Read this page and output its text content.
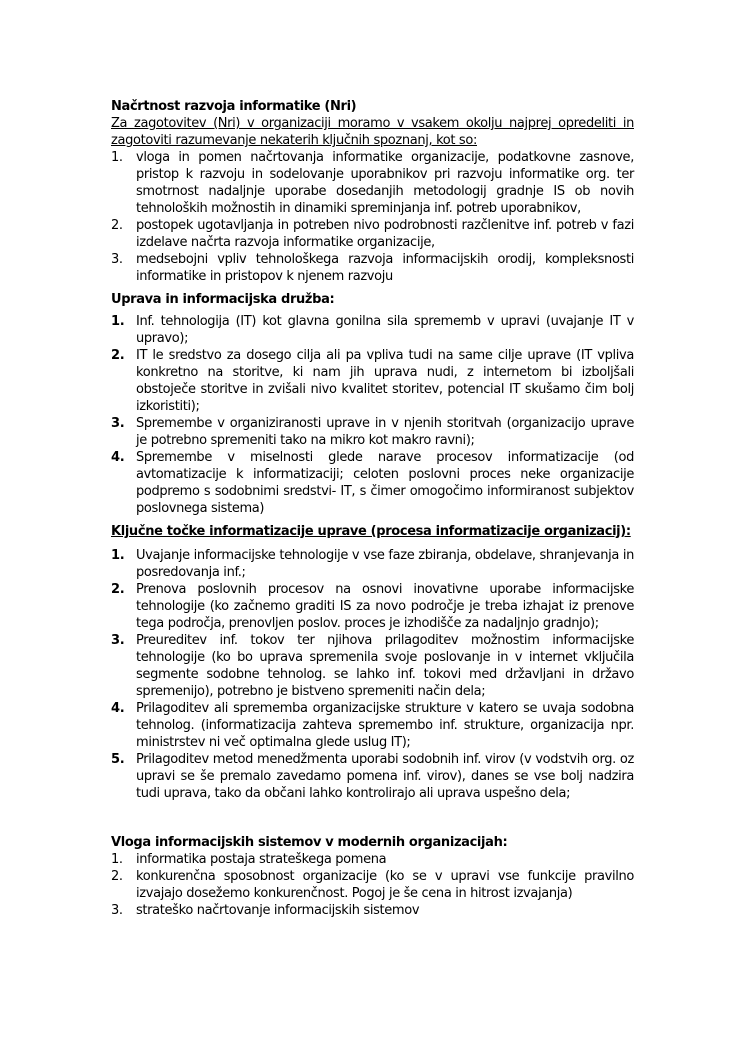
Načrtnost razvoja informatike (Nri)

Za zagotovitev (Nri) v organizaciji moramo v vsakem okolju najprej opredeliti in zagotoviti razumevanje nekaterih ključnih spoznanj, kot so:

1. vloga in pomen načrtovanja informatike organizacije, podatkovne zasnove, pristop k razvoju in sodelovanje uporabnikov pri razvoju informatike org. ter smotrnost nadaljnje uporabe dosedanjih metodologij gradnje IS ob novih tehnoloških možnostih in dinamiki spreminjanja inf. potreb uporabnikov,
2. postopek ugotavljanja in potreben nivo podrobnosti razčlenitve inf. potreb v fazi izdelave načrta razvoja informatike organizacije,
3. medsebojni vpliv tehnološkega razvoja informacijskih orodij, kompleksnosti informatike in pristopov k njenem razvoju

Uprava in informacijska družba:

1. Inf. tehnologija (IT) kot glavna gonilna sila sprememb v upravi (uvajanje IT v upravo);
2. IT le sredstvo za dosego cilja ali pa vpliva tudi na same cilje uprave (IT vpliva konkretno na storitve, ki nam jih uprava nudi, z internetom bi izboljšali obstoječe storitve in zvišali nivo kvalitet storitev, potencial IT skušamo čim bolj izkoristiti);
3. Spremembe v organiziranosti uprave in v njenih storitvah (organizacijo uprave je potrebno spremeniti tako na mikro kot makro ravni);
4. Spremembe v miselnosti glede narave procesov informatizacije (od avtomatizacije k informatizaciji; celoten poslovni proces neke organizacije podpremo s sodobnimi sredstvi- IT, s čimer omogočimo informiranost subjektov poslovnega sistema)

Ključne točke informatizacije uprave (procesa informatizacije organizacij):

1. Uvajanje informacijske tehnologije v vse faze zbiranja, obdelave, shranjevanja in posredovanja inf.;
2. Prenova poslovnih procesov na osnovi inovativne uporabe informacijske tehnologije (ko začnemo graditi IS za novo področje je treba izhajat iz prenove tega področja, prenovljen poslov. proces je izhodišče za nadaljnjo gradnjo);
3. Preureditev inf. tokov ter njihova prilagoditev možnostim informacijske tehnologije (ko bo uprava spremenila svoje poslovanje in v internet vključila segmente sodobne tehnolog. se lahko inf. tokovi med državljani in državo spremenijo), potrebno je bistveno spremeniti način dela;
4. Prilagoditev ali sprememba organizacijske strukture v katero se uvaja sodobna tehnolog. (informatizacija zahteva spremembo inf. strukture, organizacija npr. ministrstev ni več optimalna glede uslug IT);
5. Prilagoditev metod menedžmenta uporabi sodobnih inf. virov (v vodstvih org. oz upravi se še premalo zavedamo pomena inf. virov), danes se vse bolj nadzira tudi uprava, tako da občani lahko kontrolirajo ali uprava uspešno dela;

Vloga informacijskih sistemov v modernih organizacijah:

1. informatika postaja strateškega pomena
2. konkurenčna sposobnost organizacije (ko se v upravi vse funkcije pravilno izvajajo dosežemo konkurenčnost. Pogoj je še cena in hitrost izvajanja)
3. strateško načrtovanje informacijskih sistemov
